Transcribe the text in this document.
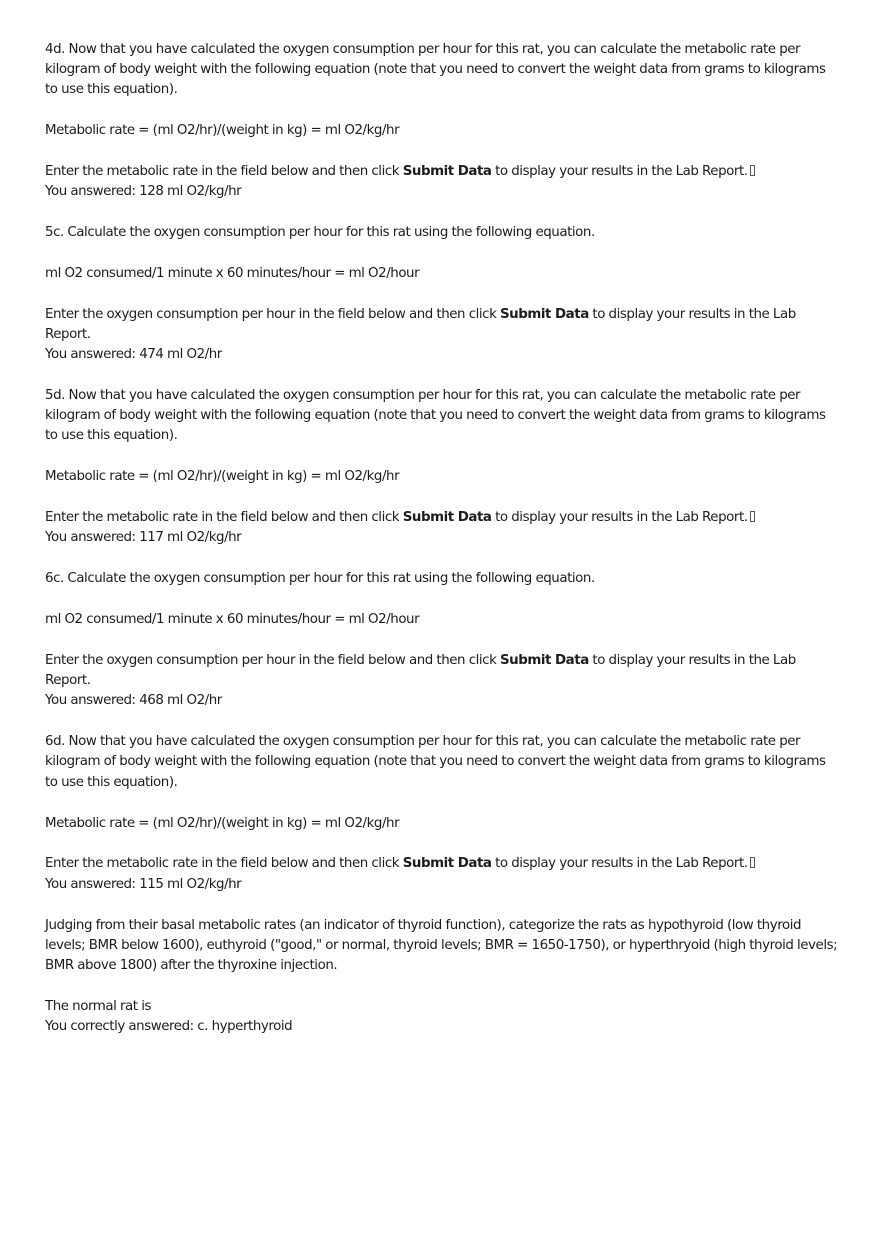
4d. Now that you have calculated the oxygen consumption per hour for this rat, you can calculate the metabolic rate per kilogram of body weight with the following equation (note that you need to convert the weight data from grams to kilograms to use this equation).

Metabolic rate = (ml O2/hr)/(weight in kg) = ml O2/kg/hr

Enter the metabolic rate in the field below and then click Submit Data to display your results in the Lab Report.

You answered: 128 ml O2/kg/hr

5c. Calculate the oxygen consumption per hour for this rat using the following equation.

ml O2 consumed/1 minute x 60 minutes/hour = ml O2/hour

Enter the oxygen consumption per hour in the field below and then click Submit Data to display your results in the Lab Report.

You answered: 474 ml O2/hr

5d. Now that you have calculated the oxygen consumption per hour for this rat, you can calculate the metabolic rate per kilogram of body weight with the following equation (note that you need to convert the weight data from grams to kilograms to use this equation).

Metabolic rate = (ml O2/hr)/(weight in kg) = ml O2/kg/hr

Enter the metabolic rate in the field below and then click Submit Data to display your results in the Lab Report.

You answered: 117 ml O2/kg/hr

6c. Calculate the oxygen consumption per hour for this rat using the following equation.

ml O2 consumed/1 minute x 60 minutes/hour = ml O2/hour

Enter the oxygen consumption per hour in the field below and then click Submit Data to display your results in the Lab Report.

You answered: 468 ml O2/hr

6d. Now that you have calculated the oxygen consumption per hour for this rat, you can calculate the metabolic rate per kilogram of body weight with the following equation (note that you need to convert the weight data from grams to kilograms to use this equation).

Metabolic rate = (ml O2/hr)/(weight in kg) = ml O2/kg/hr

Enter the metabolic rate in the field below and then click Submit Data to display your results in the Lab Report.

You answered: 115 ml O2/kg/hr

Judging from their basal metabolic rates (an indicator of thyroid function), categorize the rats as hypothyroid (low thyroid levels; BMR below 1600), euthyroid ("good," or normal, thyroid levels; BMR = 1650-1750), or hyperthryoid (high thyroid levels; BMR above 1800) after the thyroxine injection.

The normal rat is

You correctly answered: c. hyperthyroid
